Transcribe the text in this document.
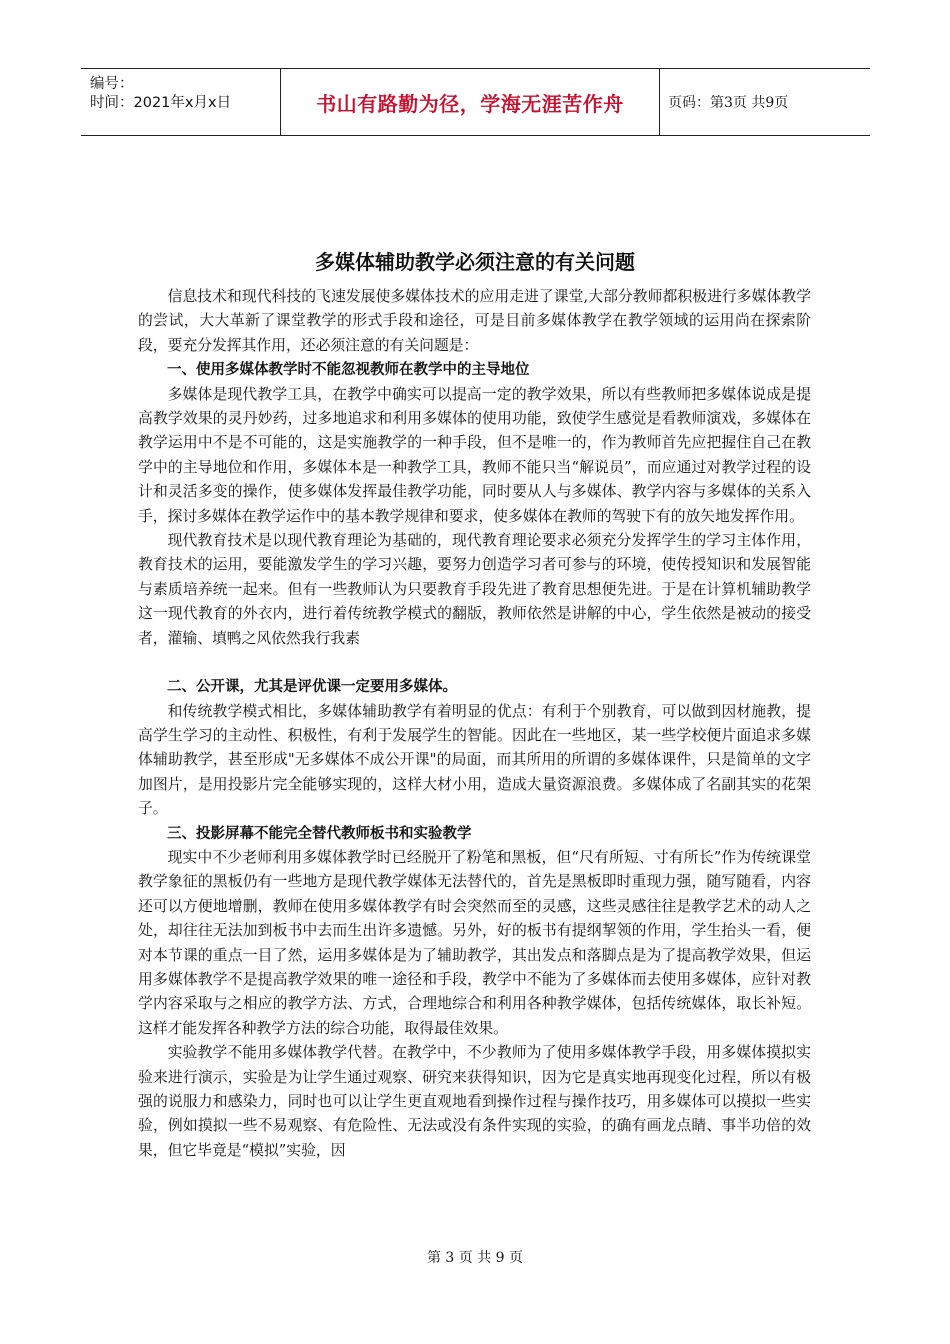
编号：
时间：2021年x月x日	书山有路勤为径，学海无涯苦作舟	页码：第3页 共9页
多媒体辅助教学必须注意的有关问题

信息技术和现代科技的飞速发展使多媒体技术的应用走进了课堂,大部分教师都积极进行多媒体教学的尝试，大大革新了课堂教学的形式手段和途径，可是目前多媒体教学在教学领域的运用尚在探索阶段，要充分发挥其作用，还必须注意的有关问题是：

一、使用多媒体教学时不能忽视教师在教学中的主导地位

多媒体是现代教学工具，在教学中确实可以提高一定的教学效果，所以有些教师把多媒体说成是提高教学效果的灵丹妙药，过多地追求和利用多媒体的使用功能，致使学生感觉是看教师演戏，多媒体在教学运用中不是不可能的，这是实施教学的一种手段，但不是唯一的，作为教师首先应把握住自己在教学中的主导地位和作用，多媒体本是一种教学工具，教师不能只当“解说员”，而应通过对教学过程的设计和灵活多变的操作，使多媒体发挥最佳教学功能，同时要从人与多媒体、教学内容与多媒体的关系入手，探讨多媒体在教学运作中的基本教学规律和要求，使多媒体在教师的驾驶下有的放矢地发挥作用。

现代教育技术是以现代教育理论为基础的，现代教育理论要求必须充分发挥学生的学习主体作用，教育技术的运用，要能激发学生的学习兴趣，要努力创造学习者可参与的环境，使传授知识和发展智能与素质培养统一起来。但有一些教师认为只要教育手段先进了教育思想便先进。于是在计算机辅助教学这一现代教育的外衣内，进行着传统教学模式的翻版，教师依然是讲解的中心，学生依然是被动的接受者，灌输、填鸭之风依然我行我素

二、公开课，尤其是评优课一定要用多媒体。

和传统教学模式相比，多媒体辅助教学有着明显的优点：有利于个别教育，可以做到因材施教，提高学生学习的主动性、积极性，有利于发展学生的智能。因此在一些地区，某一些学校便片面追求多媒体辅助教学，甚至形成"无多媒体不成公开课"的局面，而其所用的所谓的多媒体课件，只是简单的文字加图片，是用投影片完全能够实现的，这样大材小用，造成大量资源浪费。多媒体成了名副其实的花架子。

三、投影屏幕不能完全替代教师板书和实验教学

现实中不少老师利用多媒体教学时已经脱开了粉笔和黑板，但“尺有所短、寸有所长”作为传统课堂教学象征的黑板仍有一些地方是现代教学媒体无法替代的，首先是黑板即时重现力强，随写随看，内容还可以方便地增删，教师在使用多媒体教学有时会突然而至的灵感，这些灵感往往是教学艺术的动人之处，却往往无法加到板书中去而生出许多遗憾。另外，好的板书有提纲挈领的作用，学生抬头一看，便对本节课的重点一目了然，运用多媒体是为了辅助教学，其出发点和落脚点是为了提高教学效果，但运用多媒体教学不是提高教学效果的唯一途径和手段，教学中不能为了多媒体而去使用多媒体，应针对教学内容采取与之相应的教学方法、方式，合理地综合和利用各种教学媒体，包括传统媒体，取长补短。这样才能发挥各种教学方法的综合功能，取得最佳效果。

实验教学不能用多媒体教学代替。在教学中，不少教师为了使用多媒体教学手段，用多媒体摸拟实验来进行演示，实验是为让学生通过观察、研究来获得知识，因为它是真实地再现变化过程，所以有极强的说服力和感染力，同时也可以让学生更直观地看到操作过程与操作技巧，用多媒体可以摸拟一些实验，例如摸拟一些不易观察、有危险性、无法或没有条件实现的实验，的确有画龙点睛、事半功倍的效果，但它毕竟是“模拟”实验，因

第 3 页 共 9 页
